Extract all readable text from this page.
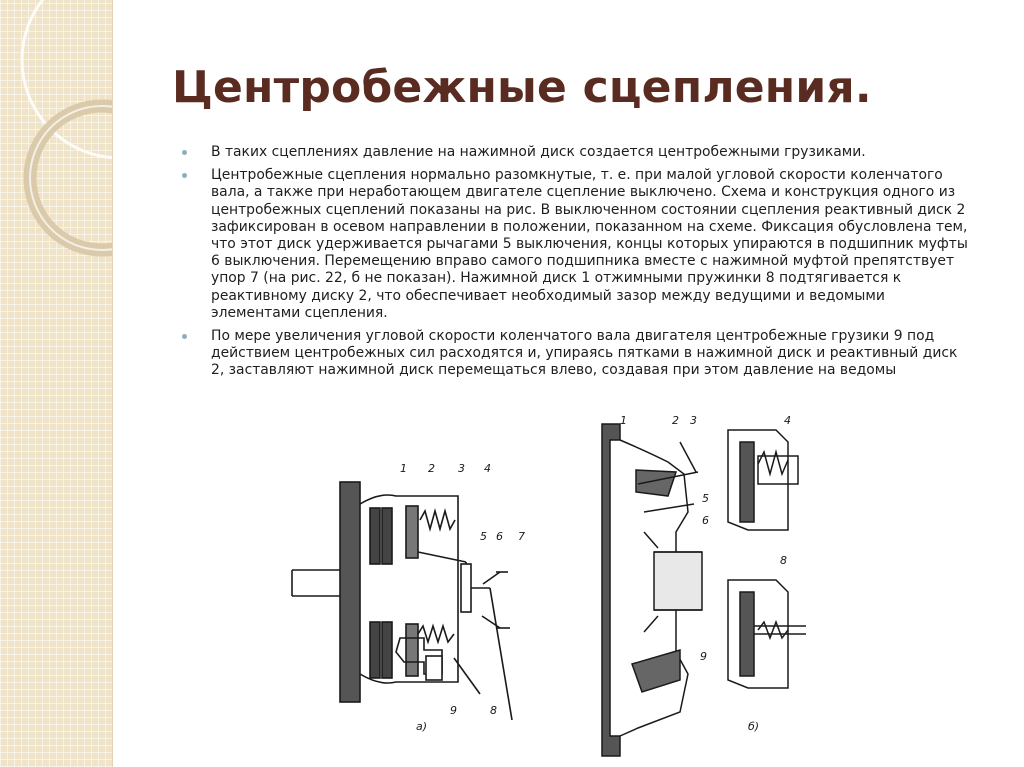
Центробежные сцепления.
В таких сцеплениях давление на нажимной диск создается центробежными грузиками.
Центробежные сцепления нормально разомкнутые, т. е. при малой угловой скорости коленчатого вала, а также при неработающем двигателе сцепление выключено. Схема и конструкция одного из центробежных сцеплений показаны на рис. В выключенном состоянии сцепления реактивный диск 2 зафиксирован в осевом направлении в положении, показанном на схеме. Фиксация обусловлена тем, что этот диск удерживается рычагами 5 выключения, концы которых упираются в подшипник муфты 6 выключения. Перемещению вправо самого подшипника вместе с нажимной муфтой препятствует упор 7 (на рис. 22, б не показан). Нажимной диск 1 отжимными пружинки 8 подтягивается к реактивному диску 2, что обеспечивает необходимый зазор между ведущими и ведомыми элементами сцепления.
По мере увеличения угловой скорости коленчатого вала двигателя центробежные грузики 9 под действием центробежных сил расходятся и, упираясь пятками в нажимной диск и реактивный диск 2, заставляют нажимной диск перемещаться влево, создавая при этом давление на ведомы
1 2 3 4
5 6 7
9	8
а)
1	2 3
5
6
9
4
8
б)
